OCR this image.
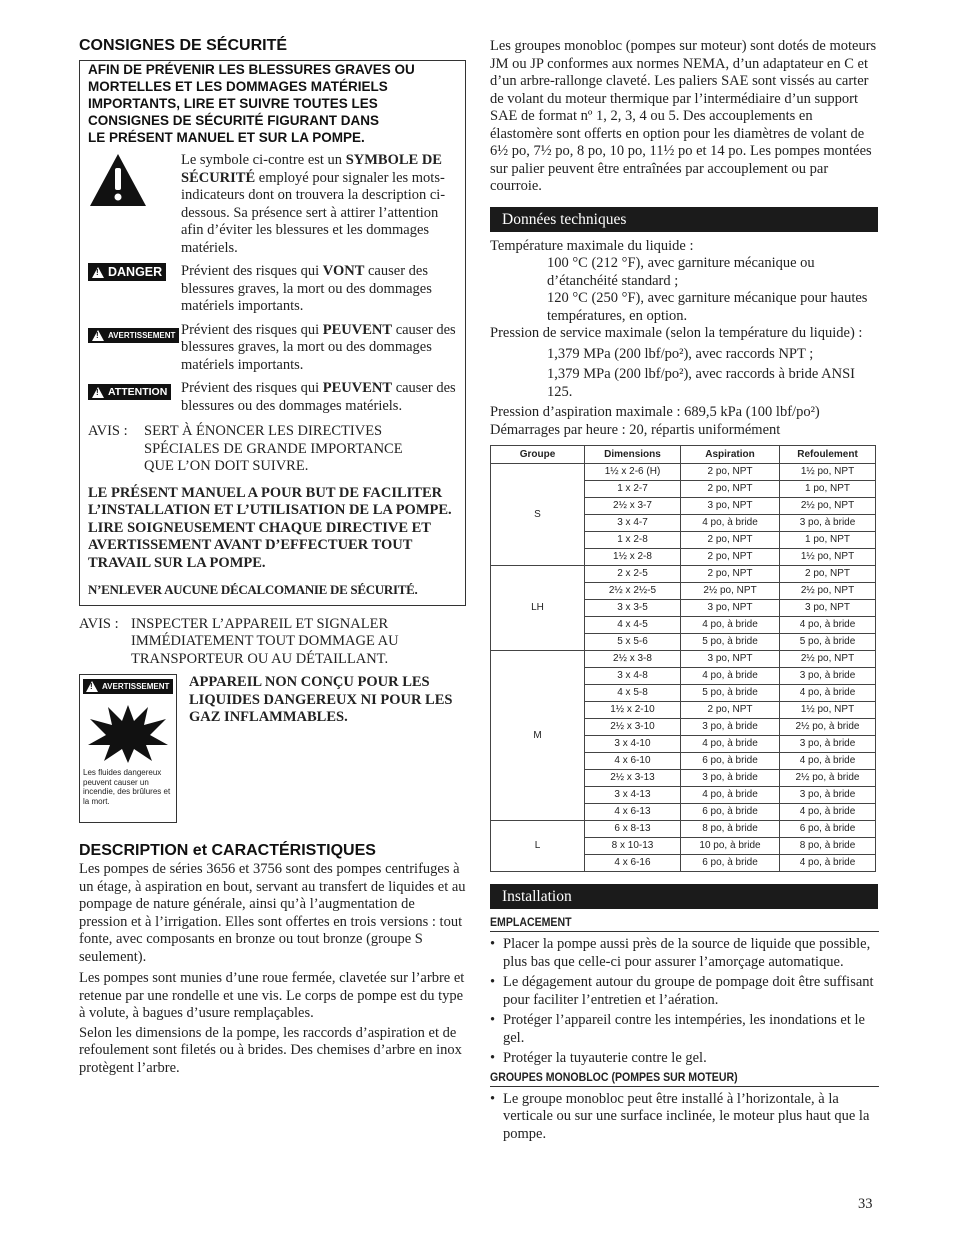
CONSIGNES DE SÉCURITÉ
AFIN DE PRÉVENIR LES BLESSURES GRAVES OU
MORTELLES ET LES DOMMAGES MATÉRIELS
IMPORTANTS, LIRE ET SUIVRE TOUTES LES
CONSIGNES DE SÉCURITÉ FIGURANT DANS
LE PRÉSENT MANUEL ET SUR LA POMPE.
Le symbole ci-contre est un SYMBOLE DE SÉCURITÉ employé pour signaler les mots-indicateurs dont on trouvera la description ci-dessous. Sa présence sert à attirer l’attention afin d’éviter les blessures et les dommages matériels.
!
DANGER Prévient des risques qui VONT causer des blessures graves, la mort ou des dommages matériels importants.
!
AVERTISSEMENT Prévient des risques qui PEUVENT causer des blessures graves, la mort ou des dommages matériels importants.
!
ATTENTION Prévient des risques qui PEUVENT causer des blessures ou des dommages matériels.
AVIS :	SERT À ÉNONCER LES DIRECTIVES
SPÉCIALES DE GRANDE IMPORTANCE
QUE L’ON DOIT SUIVRE.
LE PRÉSENT MANUEL A POUR BUT DE FACILITER
L’INSTALLATION ET L’UTILISATION DE LA POMPE.
LIRE SOIGNEUSEMENT CHAQUE DIRECTIVE ET
AVERTISSEMENT AVANT D’EFFECTUER TOUT
TRAVAIL SUR LA POMPE.
N’ENLEVER AUCUNE DÉCALCOMANIE DE SÉCURITÉ.
AVIS : INSPECTER L’APPAREIL ET SIGNALER
IMMÉDIATEMENT TOUT DOMMAGE AU
TRANSPORTEUR OU AU DÉTAILLANT.
!
AVERTISSEMENT
Les fluides dangereux peuvent causer un incendie, des brûlures et la mort.
APPAREIL NON CONÇU POUR LES LIQUIDES DANGEREUX NI POUR LES GAZ INFLAMMABLES.
DESCRIPTION et CARACTÉRISTIQUES

Les pompes de séries 3656 et 3756 sont des pompes centrifuges à un étage, à aspiration en bout, servant au transfert de liquides et au pompage de nature générale, ainsi qu’à l’augmentation de pression et à l’irrigation. Elles sont offertes en trois versions : tout fonte, avec composants en bronze ou tout bronze (groupe S seulement).

Les pompes sont munies d’une roue fermée, clavetée sur l’arbre et retenue par une rondelle et une vis. Le corps de pompe est du type à volute, à bagues d’usure remplaçables.

Selon les dimensions de la pompe, les raccords d’aspiration et de refoulement sont filetés ou à brides. Des chemises d’arbre en inox protègent l’arbre.

Les groupes monobloc (pompes sur moteur) sont dotés de moteurs JM ou JP conformes aux normes NEMA, d’un adaptateur en C et d’un arbre-rallonge claveté. Les paliers SAE sont vissés au carter de volant du moteur thermique par l’intermédiaire d’un support SAE de format nº 1, 2, 3, 4 ou 5. Des accouplements en élastomère sont offerts en option pour les diamètres de volant de 6½ po, 7½ po, 8 po, 10 po, 11½ po et 14 po. Les pompes montées sur palier peuvent être entraînées par accouplement ou par courroie.

Données techniques

Température maximale du liquide :

100 °C (212 °F), avec garniture mécanique ou d’étanchéité standard ;

120 °C (250 °F), avec garniture mécanique pour hautes températures, en option.

Pression de service maximale (selon la température du liquide) :

1,379 MPa (200 lbf/po²), avec raccords NPT ;

1,379 MPa (200 lbf/po²), avec raccords à bride ANSI 125.

Pression d’aspiration maximale : 689,5 kPa (100 lbf/po²)

Démarrages par heure : 20, répartis uniformément

Groupe	Dimensions	Aspiration	Refoulement
S	1½ x 2-6 (H)	2 po, NPT	1½ po, NPT
	1 x 2-7	2 po, NPT	1 po, NPT
	2½ x 3-7	3 po, NPT	2½ po, NPT
	3 x 4-7	4 po, à bride	3 po, à bride
	1 x 2-8	2 po, NPT	1 po, NPT
	1½ x 2-8	2 po, NPT	1½ po, NPT
LH	2 x 2-5	2 po, NPT	2 po, NPT
	2½ x 2½-5	2½ po, NPT	2½ po, NPT
	3 x 3-5	3 po, NPT	3 po, NPT
	4 x 4-5	4 po, à bride	4 po, à bride
	5 x 5-6	5 po, à bride	5 po, à bride
M	2½ x 3-8	3 po, NPT	2½ po, NPT
	3 x 4-8	4 po, à bride	3 po, à bride
	4 x 5-8	5 po, à bride	4 po, à bride
	1½ x 2-10	2 po, NPT	1½ po, NPT
	2½ x 3-10	3 po, à bride	2½ po, à bride
	3 x 4-10	4 po, à bride	3 po, à bride
	4 x 6-10	6 po, à bride	4 po, à bride
	2½ x 3-13	3 po, à bride	2½ po, à bride
	3 x 4-13	4 po, à bride	3 po, à bride
	4 x 6-13	6 po, à bride	4 po, à bride
L	6 x 8-13	8 po, à bride	6 po, à bride
	8 x 10-13	10 po, à bride	8 po, à bride
	4 x 6-16	6 po, à bride	4 po, à bride
Installation
EMPLACEMENT
• Placer la pompe aussi près de la source de liquide que possible, plus bas que celle-ci pour assurer l’amorçage automatique.
• Le dégagement autour du groupe de pompage doit être suffisant pour faciliter l’entretien et l’aération.
• Protéger l’appareil contre les intempéries, les inondations et le gel.
• Protéger la tuyauterie contre le gel.
GROUPES MONOBLOC (POMPES SUR MOTEUR)
• Le groupe monobloc peut être installé à l’horizontale, à la verticale ou sur une surface inclinée, le moteur plus haut que la pompe.
33
